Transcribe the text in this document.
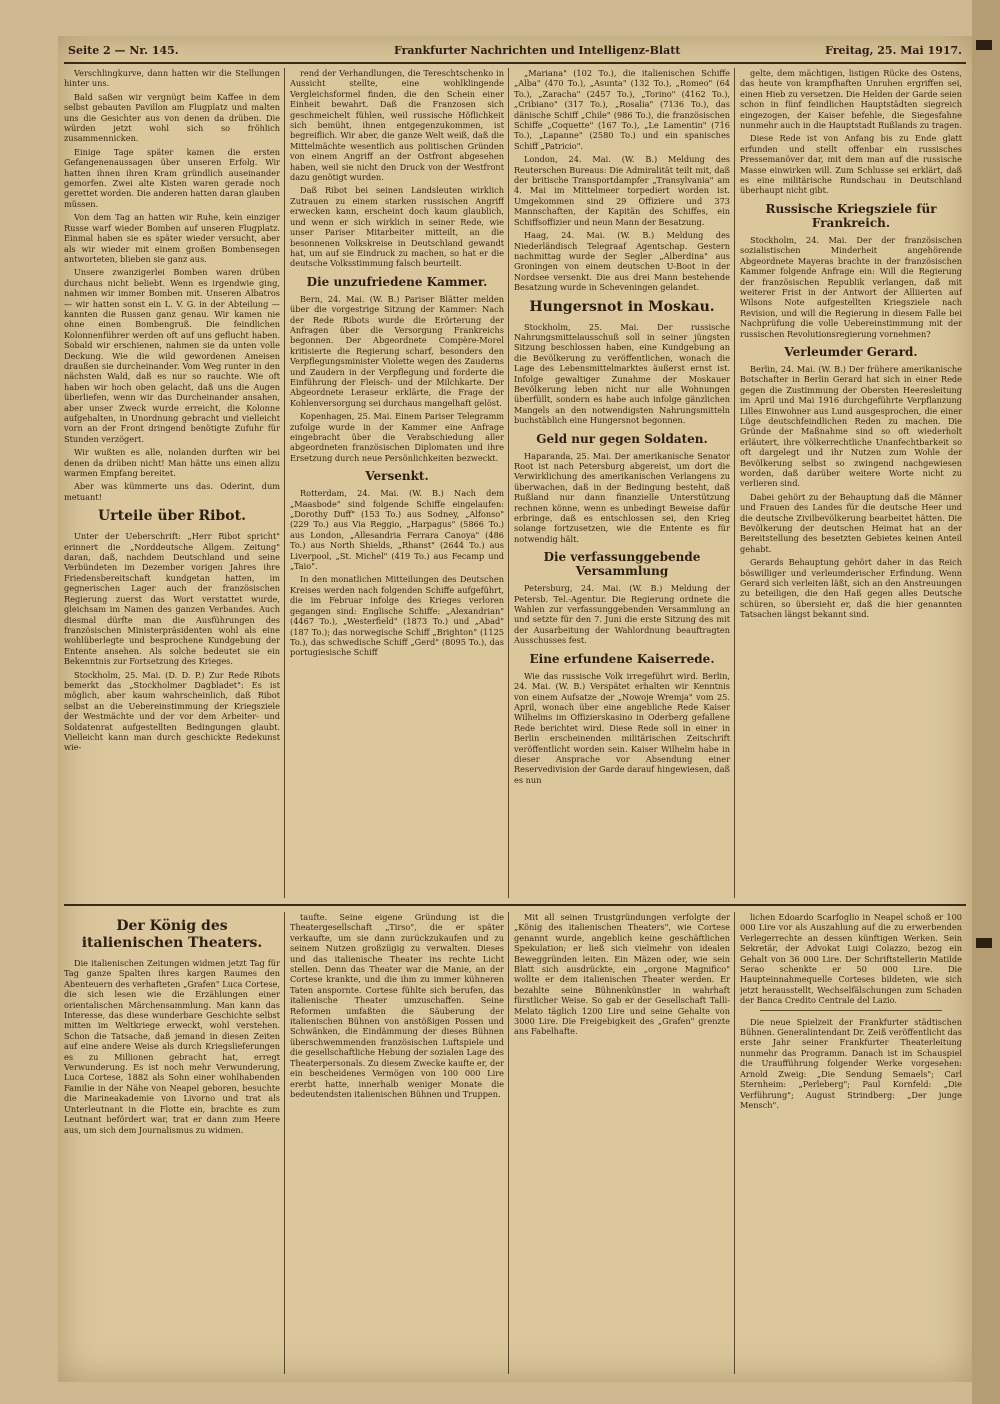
Seite 2 — Nr. 145.	Frankfurter Nachrichten und Intelligenz-Blatt	Freitag, 25. Mai 1917.

Verschlingkurve, dann hatten wir die Stellungen hinter uns.

Bald saßen wir vergnügt beim Kaffee in dem selbst gebauten Pavillon am Flugplatz und malten uns die Gesichter aus von denen da drüben. Die würden jetzt wohl sich so fröhlich zusammennicken.

Einige Tage später kamen die ersten Gefangenenaussagen über unseren Erfolg. Wir hatten ihnen ihren Kram gründlich auseinander gemorfen. Zwei alte Kisten waren gerade noch gerettet worden. Die anderen hatten daran glauben müssen.

Von dem Tag an hatten wir Ruhe, kein einziger Russe warf wieder Bomben auf unseren Flugplatz. Einmal haben sie es später wieder versucht, aber als wir wieder mit einem großen Bombensegen antworteten, blieben sie ganz aus.

Unsere zwanzigerlei Bomben waren drüben durchaus nicht beliebt. Wenn es irgendwie ging, nahmen wir immer Bomben mit. Unseren Albatros — wir hatten sonst ein L. V. G. in der Abteilung — kannten die Russen ganz genau. Wir kamen nie ohne einen Bombengruß. Die feindlichen Kolonnenführer werden oft auf uns geflucht haben. Sobald wir erschienen, nahmen sie da unten volle Deckung. Wie die wild gewordenen Ameisen draußen sie durcheinander. Vom Weg runter in den nächsten Wald, daß es nur so rauchte. Wie oft haben wir hoch oben gelacht, daß uns die Augen überliefen, wenn wir das Durcheinander ansahen, aber unser Zweck wurde erreicht, die Kolonne aufgehalten, in Unordnung gebracht und vielleicht vorn an der Front dringend benötigte Zufuhr für Stunden verzögert.

Wir wußten es alle, nolanden durften wir bei denen da drüben nicht! Man hätte uns einen allzu warmen Empfang bereitet.

Aber was kümmerte uns das. Oderint, dum metuant!

Urteile über Ribot.

Unter der Ueberschrift: „Herr Ribot spricht" erinnert die „Norddeutsche Allgem. Zeitung" daran, daß, nachdem Deutschland und seine Verbündeten im Dezember vorigen Jahres ihre Friedensbereitschaft kundgetan hatten, im gegnerischen Lager auch der französischen Regierung zuerst das Wort verstattet wurde, gleichsam im Namen des ganzen Verbandes. Auch diesmal dürfte man die Ausführungen des französischen Ministerpräsidenten wohl als eine wohlüberlegte und besprochene Kundgebung der Entente ansehen. Als solche bedeutet sie ein Bekenntnis zur Fortsetzung des Krieges.

Stockholm, 25. Mai. (D. D. P.) Zur Rede Ribots bemerkt das „Stockholmer Dagbladet": Es ist möglich, aber kaum wahrscheinlich, daß Ribot selbst an die Uebereinstimmung der Kriegsziele der Westmächte und der vor dem Arbeiter- und Soldatenrat aufgestellten Bedingungen glaubt. Vielleicht kann man durch geschickte Redekunst wie-

rend der Verhandlungen, die Tereschtschenko in Aussicht stellte, eine wohlklingende Vergleichsformel finden, die den Schein einer Einheit bewahrt. Daß die Franzosen sich geschmeichelt fühlen, weil russische Höflichkeit sich bemüht, ihnen entgegenzukommen, ist begreiflich. Wir aber, die ganze Welt weiß, daß die Mittelmächte wesentlich aus politischen Gründen von einem Angriff an der Ostfront abgesehen haben, weil sie nicht den Druck von der Westfront dazu genötigt wurden.

Daß Ribot bei seinen Landsleuten wirklich Zutrauen zu einem starken russischen Angriff erwecken kann, erscheint doch kaum glaublich, und wenn er sich wirklich in seiner Rede, wie unser Pariser Mitarbeiter mitteilt, an die besonnenen Volkskreise in Deutschland gewandt hat, um auf sie Eindruck zu machen, so hat er die deutsche Volksstimmung falsch beurteilt.

Die unzufriedene Kammer.

Bern, 24. Mai. (W. B.) Pariser Blätter melden über die vorgestrige Sitzung der Kammer: Nach der Rede Ribots wurde die Erörterung der Anfragen über die Versorgung Frankreichs begonnen. Der Abgeordnete Compère-Morel kritisierte die Regierung scharf, besonders den Verpflegungsminister Violette wegen des Zauderns und Zaudern in der Verpflegung und forderte die Einführung der Fleisch- und der Milchkarte. Der Abgeordnete Leraseur erklärte, die Frage der Kohlenversorgung sei durchaus mangelhaft gelöst.

Kopenhagen, 25. Mai. Einem Pariser Telegramm zufolge wurde in der Kammer eine Anfrage eingebracht über die Verabschiedung aller abgeordneten französischen Diplomaten und ihre Ersetzung durch neue Persönlichkeiten bezweckt.

Versenkt.

Rotterdam, 24. Mai. (W. B.) Nach dem „Maasbode" sind folgende Schiffe eingelaufen: „Dorothy Duff" (153 To.) aus Sodney, „Alfonso" (229 To.) aus Via Reggio, „Harpagus" (5866 To.) aus London, „Allesandria Ferrara Canoya" (486 To.) aus North Shields, „Rhanst" (2644 To.) aus Liverpool, „St. Michel" (419 To.) aus Fecamp und „Taio".

In den monatlichen Mitteilungen des Deutschen Kreises werden nach folgenden Schiffe aufgeführt, die im Februar infolge des Krieges verloren gegangen sind: Englische Schiffe: „Alexandrian" (4467 To.), „Westerfield" (1873 To.) und „Abad" (187 To.); das norwegische Schiff „Brighton" (1125 To.), das schwedische Schiff „Gerd" (8095 To.), das portugiesische Schiff

„Mariana" (102 To.), die italienischen Schiffe „Alba" (470 To.), „Asunta" (132 To.), „Romeo" (64 To.), „Zaracha" (2457 To.), „Torino" (4162 To.), „Cribiano" (317 To.), „Rosalia" (7136 To.), das dänische Schiff „Chile" (986 To.), die französischen Schiffe „Coquette" (167 To.), „Le Lamentin" (716 To.), „Lapanne" (2580 To.) und ein spanisches Schiff „Patricio".

London, 24. Mai. (W. B.) Meldung des Reuterschen Bureaus: Die Admiralität teilt mit, daß der britische Transportdampfer „Transylvania" am 4. Mai im Mittelmeer torpediert worden ist. Umgekommen sind 29 Offiziere und 373 Mannschaften, der Kapitän des Schiffes, ein Schiffsoffizier und neun Mann der Besatzung.

Haag, 24. Mai. (W. B.) Meldung des Niederländisch Telegraaf Agentschap. Gestern nachmittag wurde der Segler „Alberdina" aus Groningen von einem deutschen U-Boot in der Nordsee versenkt. Die aus drei Mann bestehende Besatzung wurde in Scheveningen gelandet.

Hungersnot in Moskau.

Stockholm, 25. Mai. Der russische Nahrungsmittelausschuß soll in seiner jüngsten Sitzung beschlossen haben, eine Kundgebung an die Bevölkerung zu veröffentlichen, wonach die Lage des Lebensmittelmarktes äußerst ernst ist. Infolge gewaltiger Zunahme der Moskauer Bevölkerung leben nicht nur alle Wohnungen überfüllt, sondern es habe auch infolge gänzlichen Mangels an den notwendigsten Nahrungsmitteln buchstäblich eine Hungersnot begonnen.

Geld nur gegen Soldaten.

Haparanda, 25. Mai. Der amerikanische Senator Root ist nach Petersburg abgereist, um dort die Verwirklichung des amerikanischen Verlangens zu überwachen, daß in der Bedingung besteht, daß Rußland nur dann finanzielle Unterstützung rechnen könne, wenn es unbedingt Beweise dafür erbringe, daß es entschlossen sei, den Krieg solange fortzusetzen, wie die Entente es für notwendig hält.

Die verfassunggebende Versammlung

Petersburg, 24. Mai. (W. B.) Meldung der Petersb. Tel.-Agentur. Die Regierung ordnete die Wahlen zur verfassunggebenden Versammlung an und setzte für den 7. Juni die erste Sitzung des mit der Ausarbeitung der Wahlordnung beauftragten Ausschusses fest.

Eine erfundene Kaiserrede.

Wie das russische Volk irregeführt wird. Berlin, 24. Mai. (W. B.) Verspätet erhalten wir Kenntnis von einem Aufsatze der „Nowoje Wremja" vom 25. April, wonach über eine angebliche Rede Kaiser Wilhelms im Offizierskasino in Oderberg gefallene Rede berichtet wird. Diese Rede soll in einer in Berlin erscheinenden militärischen Zeitschrift veröffentlicht worden sein. Kaiser Wilhelm habe in dieser Ansprache vor Absendung einer Reservedivision der Garde darauf hingewiesen, daß es nun

gelte, dem mächtigen, listigen Rücke des Ostens, das heute von krampfhaften Unruhen ergriffen sei, einen Hieb zu versetzen. Die Helden der Garde seien schon in fünf feindlichen Hauptstädten siegreich eingezogen, der Kaiser befehle, die Siegesfahne nunmehr auch in die Hauptstadt Rußlands zu tragen.

Diese Rede ist von Anfang bis zu Ende glatt erfunden und stellt offenbar ein russisches Pressemanöver dar, mit dem man auf die russische Masse einwirken will. Zum Schlusse sei erklärt, daß es eine militärische Rundschau in Deutschland überhaupt nicht gibt.

Russische Kriegsziele für Frankreich.

Stockholm, 24. Mai. Der der französischen sozialistischen Minderheit angehörende Abgeordnete Mayeras brachte in der französischen Kammer folgende Anfrage ein: Will die Regierung der französischen Republik verlangen, daß mit weiterer Frist in der Antwort der Alliierten auf Wilsons Note aufgestellten Kriegsziele nach Revision, und will die Regierung in diesem Falle bei Nachprüfung die volle Uebereinstimmung mit der russischen Revolutionsregierung vornehmen?

Verleumder Gerard.

Berlin, 24. Mai. (W. B.) Der frühere amerikanische Botschafter in Berlin Gerard hat sich in einer Rede gegen die Zustimmung der Obersten Heeresleitung im April und Mai 1916 durchgeführte Verpflanzung Lilles Einwohner aus Lund ausgesprochen, die einer Lüge deutschfeindlichen Reden zu machen. Die Gründe der Maßnahme sind so oft wiederholt erläutert, ihre völkerrechtliche Unanfechtbarkeit so oft dargelegt und ihr Nutzen zum Wohle der Bevölkerung selbst so zwingend nachgewiesen worden, daß darüber weitere Worte nicht zu verlieren sind.

Dabei gehört zu der Behauptung daß die Männer und Frauen des Landes für die deutsche Heer und die deutsche Zivilbevölkerung bearbeitet hätten. Die Bevölkerung der deutschen Heimat hat an der Bereitstellung des besetzten Gebietes keinen Anteil gehabt.

Gerards Behauptung gehört daher in das Reich böswilliger und verleumderischer Erfindung. Wenn Gerard sich verleiten läßt, sich an den Anstreuungen zu beteiligen, die den Haß gegen alles Deutsche schüren, so übersieht er, daß die hier genannten Tatsachen längst bekannt sind.

Der König des italienischen Theaters.

Die italienischen Zeitungen widmen jetzt Tag für Tag ganze Spalten ihres kargen Raumes den Abenteuern des verhafteten „Grafen" Luca Cortese, die sich lesen wie die Erzählungen einer orientalischen Märchensammlung. Man kann das Interesse, das diese wunderbare Geschichte selbst mitten im Weltkriege erweckt, wohl verstehen. Schon die Tatsache, daß jemand in diesen Zeiten auf eine andere Weise als durch Kriegslieferungen es zu Millionen gebracht hat, erregt Verwunderung. Es ist noch mehr Verwunderung, Luca Cortese, 1882 als Sohn einer wohlhabenden Familie in der Nähe von Neapel geboren, besuchte die Marineakademie von Livorno und trat als Unterleutnant in die Flotte ein, brachte es zum Leutnant befördert war, trat er dann zum Heere aus, um sich dem Journalismus zu widmen.

taufte. Seine eigene Gründung ist die Theatergesellschaft „Tirso", die er später verkaufte, um sie dann zurückzukaufen und zu seinem Nutzen großzügig zu verwalten. Dieses und das italienische Theater ins rechte Licht stellen. Denn das Theater war die Manie, an der Cortese krankte, und die ihm zu immer kühneren Taten anspornte. Cortese fühlte sich berufen, das italienische Theater umzuschaffen. Seine Reformen umfaßten die Säuberung der italienischen Bühnen von anstößigen Possen und Schwänken, die Eindämmung der dieses Bühnen überschwemmenden französischen Luftspiele und die gesellschaftliche Hebung der sozialen Lage des Theaterpersonals. Zu diesem Zwecke kaufte er, der ein bescheidenes Vermögen von 100 000 Lire ererbt hatte, innerhalb weniger Monate die bedeutendsten italienischen Bühnen und Truppen.

Mit all seinen Trustgründungen verfolgte der „König des italienischen Theaters", wie Cortese genannt wurde, angeblich keine geschäftlichen Spekulation; er ließ sich vielmehr von idealen Beweggründen leiten. Ein Mäzen oder, wie sein Blatt sich ausdrückte, ein „orgone Magnifico" wollte er dem italienischen Theater werden. Er bezahlte seine Bühnenkünstler in wahrhaft fürstlicher Weise. So gab er der Gesellschaft Talli-Melato täglich 1200 Lire und seine Gehalte von 3000 Lire. Die Freigebigkeit des „Grafen" grenzte ans Fabelhafte.

lichen Edoardo Scarfoglio in Neapel schoß er 100 000 Lire vor als Auszahlung auf die zu erwerbenden Verlegerrechte an dessen künftigen Werken. Sein Sekretär, der Advokat Luigi Colazzo, bezog ein Gehalt von 36 000 Lire. Der Schriftstellerin Matilde Serao schenkte er 50 000 Lire. Die Haupteinnahmequelle Corteses bildeten, wie sich jetzt herausstellt, Wechselfälschungen zum Schaden der Banca Credito Centrale del Lazio.

Die neue Spielzeit der Frankfurter städtischen Bühnen. Generalintendant Dr. Zeiß veröffentlicht das erste Jahr seiner Frankfurter Theaterleitung nunmehr das Programm. Danach ist im Schauspiel die Uraufführung folgender Werke vorgesehen: Arnold Zweig: „Die Sendung Semaels"; Carl Sternheim: „Perleberg"; Paul Kornfeld: „Die Verführung"; August Strindberg: „Der junge Mensch".
